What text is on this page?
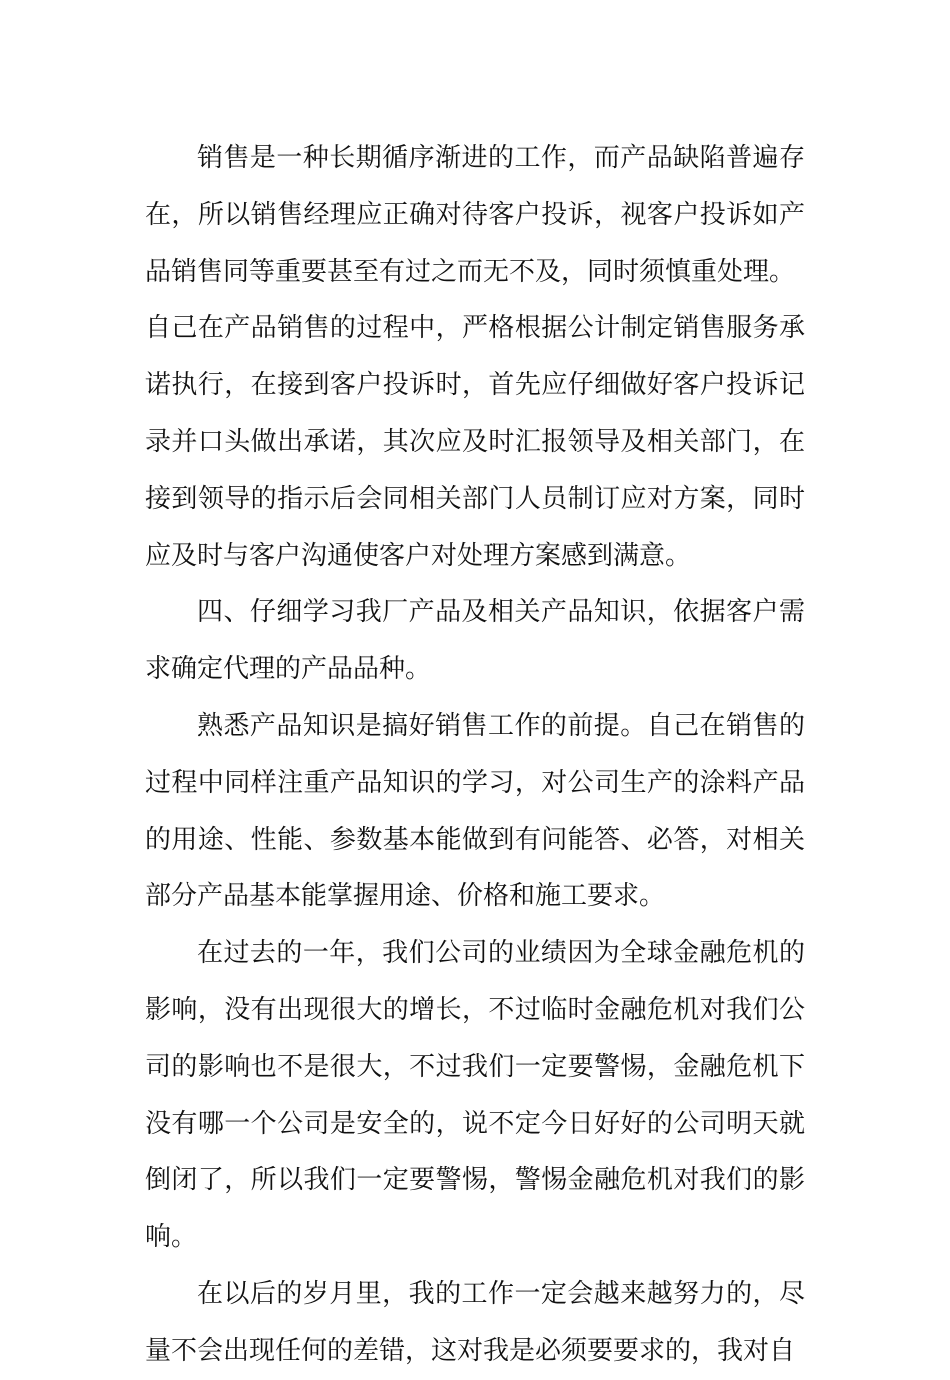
销售是一种长期循序渐进的工作，而产品缺陷普遍存在，所以销售经理应正确对待客户投诉，视客户投诉如产品销售同等重要甚至有过之而无不及，同时须慎重处理。

自己在产品销售的过程中，严格根据公计制定销售服务承诺执行，在接到客户投诉时，首先应仔细做好客户投诉记录并口头做出承诺，其次应及时汇报领导及相关部门，在接到领导的指示后会同相关部门人员制订应对方案，同时应及时与客户沟通使客户对处理方案感到满意。

四、仔细学习我厂产品及相关产品知识，依据客户需求确定代理的产品品种。

熟悉产品知识是搞好销售工作的前提。自己在销售的过程中同样注重产品知识的学习，对公司生产的涂料产品的用途、性能、参数基本能做到有问能答、必答，对相关部分产品基本能掌握用途、价格和施工要求。

在过去的一年，我们公司的业绩因为全球金融危机的影响，没有出现很大的增长，不过临时金融危机对我们公司的影响也不是很大，不过我们一定要警惕，金融危机下没有哪一个公司是安全的，说不定今日好好的公司明天就倒闭了，所以我们一定要警惕，警惕金融危机对我们的影响。

在以后的岁月里，我的工作一定会越来越努力的，尽量不会出现任何的差错，这对我是必须要要求的，我对自
